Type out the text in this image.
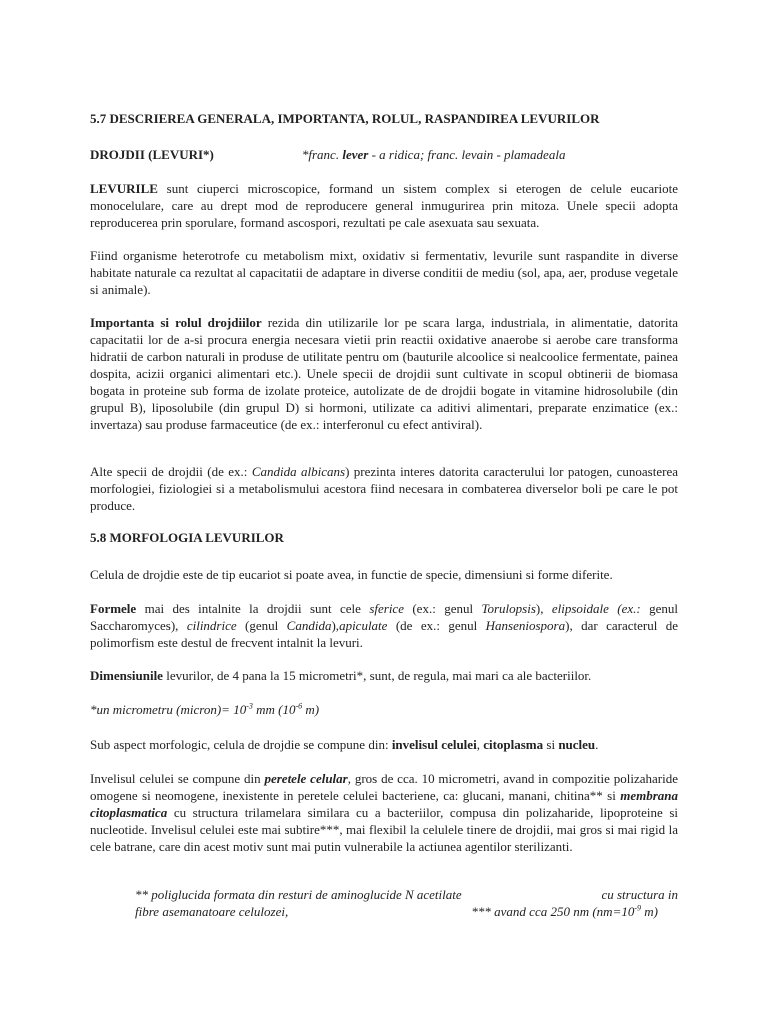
5.7 DESCRIEREA GENERALA, IMPORTANTA, ROLUL, RASPANDIREA LEVURILOR

DROJDII (LEVURI*)	*franc. lever - a ridica; franc. levain - plamadeala

LEVURILE sunt ciuperci microscopice, formand un sistem complex si eterogen de celule eucariote monocelulare, care au drept mod de reproducere general inmugurirea prin mitoza. Unele specii adopta reproducerea prin sporulare, formand ascospori, rezultati pe cale asexuata sau sexuata.

Fiind organisme heterotrofe cu metabolism mixt, oxidativ si fermentativ, levurile sunt raspandite in diverse habitate naturale ca rezultat al capacitatii de adaptare in diverse conditii de mediu (sol, apa, aer, produse vegetale si animale).

Importanta si rolul drojdiilor rezida din utilizarile lor pe scara larga, industriala, in alimentatie, datorita capacitatii lor de a-si procura energia necesara vietii prin reactii oxidative anaerobe si aerobe care transforma hidratii de carbon naturali in produse de utilitate pentru om (bauturile alcoolice si nealcoolice fermentate, painea dospita, acizii organici alimentari etc.). Unele specii de drojdii sunt cultivate in scopul obtinerii de biomasa bogata in proteine sub forma de izolate proteice, autolizate de de drojdii bogate in vitamine hidrosolubile (din grupul B), liposolubile (din grupul D) si hormoni, utilizate ca aditivi alimentari, preparate enzimatice (ex.: invertaza) sau produse farmaceutice (de ex.: interferonul cu efect antiviral).

Alte specii de drojdii (de ex.: Candida albicans) prezinta interes datorita caracterului lor patogen, cunoasterea morfologiei, fiziologiei si a metabolismului acestora fiind necesara in combaterea diverselor boli pe care le pot produce.

5.8 MORFOLOGIA LEVURILOR

Celula de drojdie este de tip eucariot si poate avea, in functie de specie, dimensiuni si forme diferite.

Formele mai des intalnite la drojdii sunt cele sferice (ex.: genul Torulopsis), elipsoidale (ex.: genul Saccharomyces), cilindrice (genul Candida),apiculate (de ex.: genul Hanseniospora), dar caracterul de polimorfism este destul de frecvent intalnit la levuri.

Dimensiunile levurilor, de 4 pana la 15 micrometri*, sunt, de regula, mai mari ca ale bacteriilor.

*un micrometru (micron)= $10^{-3}$ mm ($10^{-6}$ m)

Sub aspect morfologic, celula de drojdie se compune din: invelisul celulei, citoplasma si nucleu.

Invelisul celulei se compune din peretele celular, gros de cca. 10 micrometri, avand in compozitie polizaharide omogene si neomogene, inexistente in peretele celulei bacteriene, ca: glucani, manani, chitina** si membrana citoplasmatica cu structura trilamelara similara cu a bacteriilor, compusa din polizaharide, lipoproteine si nucleotide. Invelisul celulei este mai subtire***, mai flexibil la celulele tinere de drojdii, mai gros si mai rigid la cele batrane, care din acest motiv sunt mai putin vulnerabile la actiunea agentilor sterilizanti.

** poliglucida formata din resturi de aminoglucide N acetilate	cu structura in
fibre asemanatoare celulozei,	*** avand cca 250 nm ($nm=10^{-9}$ m)
